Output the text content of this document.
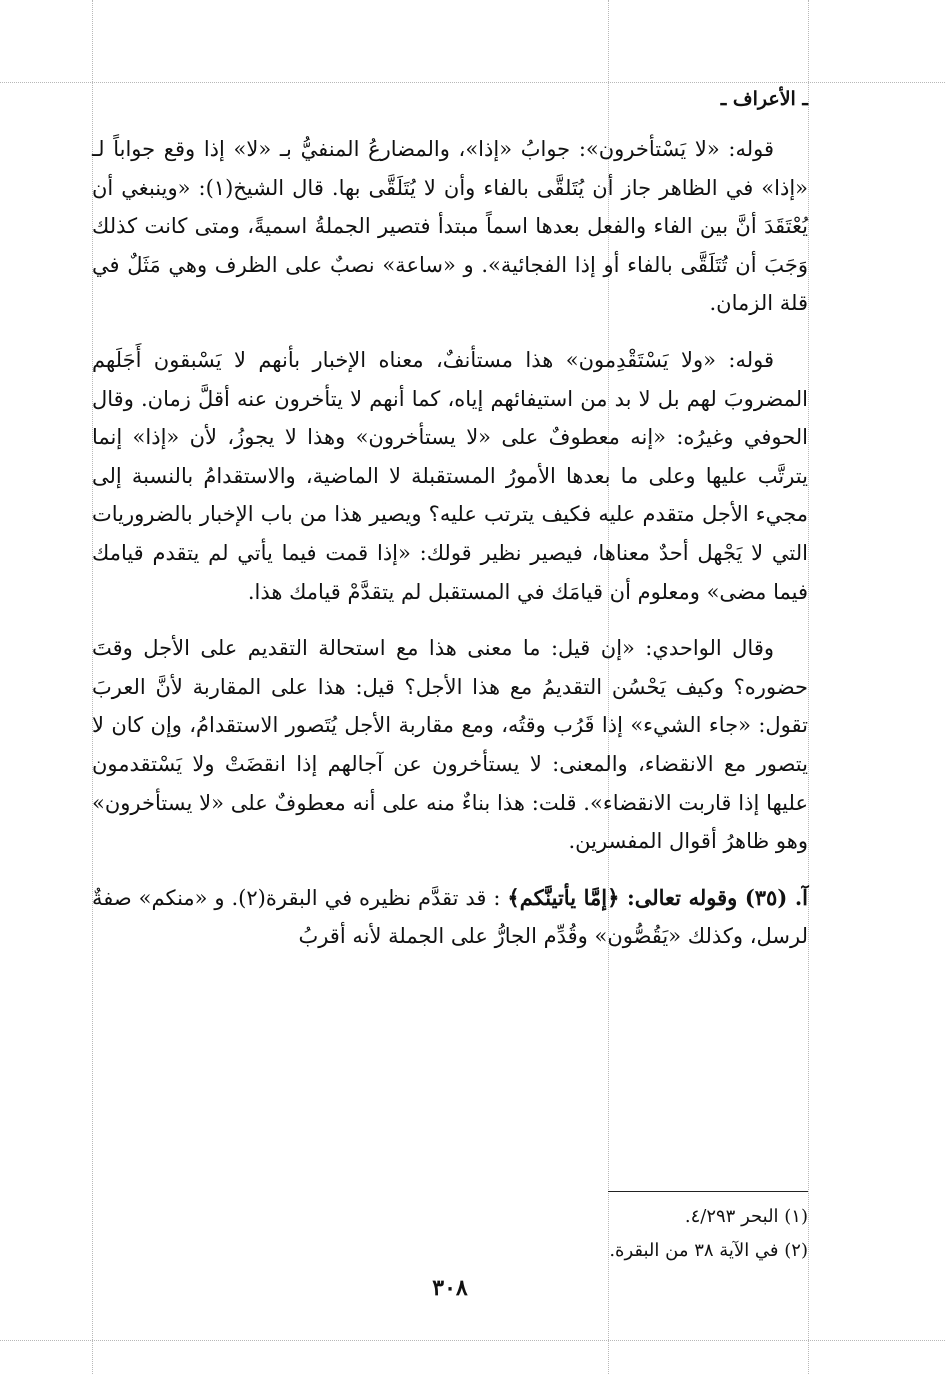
ـ الأعراف ـ

قوله: «لا يَسْتأخرون»: جوابُ «إذا»، والمضارعُ المنفيُّ بـ «لا» إذا وقع جواباً لـ «إذا» في الظاهر جاز أن يُتَلقَّى بالفاء وأن لا يُتَلَقَّى بها. قال الشيخ(١): «وينبغي أن يُعْتَقَدَ أنَّ بين الفاء والفعل بعدها اسماً مبتدأ فتصير الجملةُ اسميةً، ومتى كانت كذلك وَجَبَ أن تُتَلَقَّى بالفاء أو إذا الفجائية». و «ساعة» نصبٌ على الظرف وهي مَثَلٌ في قلة الزمان.

قوله: «ولا يَسْتَقْدِمون» هذا مستأنفٌ، معناه الإخبار بأنهم لا يَسْبقون أَجَلَهم المضروبَ لهم بل لا بد من استيفائهم إياه، كما أنهم لا يتأخرون عنه أقلَّ زمان. وقال الحوفي وغيرُه: «إنه معطوفٌ على «لا يستأخرون» وهذا لا يجوزُ، لأن «إذا» إنما يترتَّب عليها وعلى ما بعدها الأمورُ المستقبلة لا الماضية، والاستقدامُ بالنسبة إلى مجيء الأجل متقدم عليه فكيف يترتب عليه؟ ويصير هذا من باب الإخبار بالضروريات التي لا يَجْهل أحدٌ معناها، فيصير نظير قولك: «إذا قمت فيما يأتي لم يتقدم قيامك فيما مضى» ومعلوم أن قيامَك في المستقبل لم يتقدَّمْ قيامك هذا.

وقال الواحدي: «إن قيل: ما معنى هذا مع استحالة التقديم على الأجل وقتَ حضوره؟ وكيف يَحْسُن التقديمُ مع هذا الأجل؟ قيل: هذا على المقاربة لأنَّ العربَ تقول: «جاء الشيء» إذا قَرُب وقتُه، ومع مقاربة الأجل يُتَصور الاستقدامُ، وإن كان لا يتصور مع الانقضاء، والمعنى: لا يستأخرون عن آجالهم إذا انقضَتْ ولا يَسْتقدمون عليها إذا قاربت الانقضاء». قلت: هذا بناءٌ منه على أنه معطوفٌ على «لا يستأخرون» وهو ظاهرُ أقوال المفسرين.

آ. (٣٥) وقوله تعالى: ﴿إمَّا يأتينَّكم﴾ : قد تقدَّم نظيره في البقرة(٢). و «منكم» صفةٌ لرسل، وكذلك «يَقُصُّون» وقُدِّم الجارُّ على الجملة لأنه أقربُ

(١) البحر ٤/٢٩٣.
(٢) في الآية ٣٨ من البقرة.
٣٠٨
